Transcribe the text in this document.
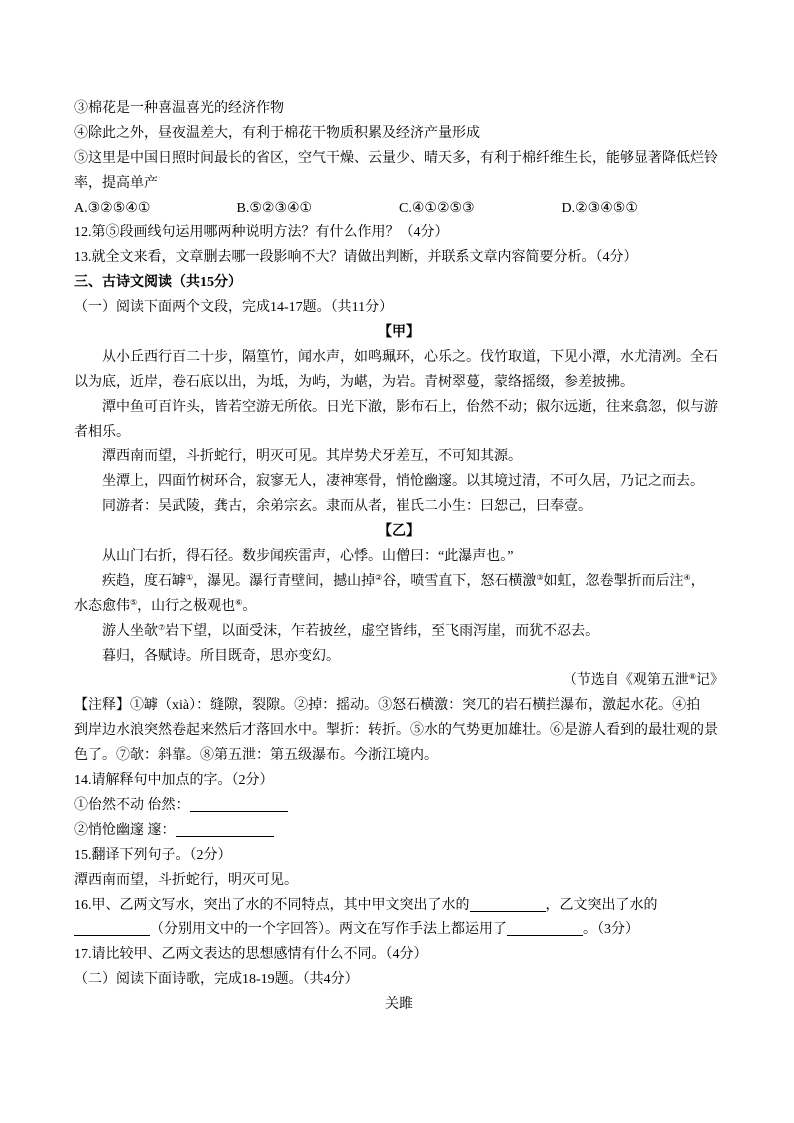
③棉花是一种喜温喜光的经济作物
④除此之外，昼夜温差大，有利于棉花干物质积累及经济产量形成
⑤这里是中国日照时间最长的省区，空气干燥、云量少、晴天多，有利于棉纤维生长，能够显著降低烂铃
率，提高单产
A.③②⑤④①	B.⑤②③④①	C.④①②⑤③	D.②③④⑤①
12.第⑤段画线句运用哪两种说明方法？有什么作用？（4分）
13.就全文来看，文章删去哪一段影响不大？请做出判断，并联系文章内容简要分析。（4分）
三、古诗文阅读（共15分）
（一）阅读下面两个文段，完成14-17题。（共11分）
【甲】
从小丘西行百二十步，隔篁竹，闻水声，如鸣珮环，心乐之。伐竹取道，下见小潭，水尤清冽。全石
以为底，近岸，卷石底以出，为坻，为屿，为嵁，为岩。青树翠蔓，蒙络摇缀，参差披拂。
潭中鱼可百许头，皆若空游无所依。日光下澈，影布石上，佁然不动；俶尔远逝，往来翕忽，似与游
者相乐。
潭西南而望，斗折蛇行，明灭可见。其岸势犬牙差互，不可知其源。
坐潭上，四面竹树环合，寂寥无人，凄神寒骨，悄怆幽邃。以其境过清，不可久居，乃记之而去。
同游者：吴武陵，龚古，余弟宗玄。隶而从者，崔氏二小生：曰恕己，曰奉壹。
【乙】
从山门右折，得石径。数步闻疾雷声，心悸。山僧曰：“此瀑声也。”
疾趋，度石罅①，瀑见。瀑行青壁间，撼山掉②谷，喷雪直下，怒石横激③如虹，忽卷掣折而后注④，
水态愈伟⑤，山行之极观也⑥。
游人坐欹⑦岩下望，以面受沫，乍若披丝，虚空皆纬，至飞雨泻崖，而犹不忍去。
暮归，各赋诗。所目既奇，思亦变幻。
（节选自《观第五泄⑧记》
【注释】①罅（xià）：缝隙，裂隙。②掉：摇动。③怒石横激：突兀的岩石横拦瀑布，激起水花。④拍
到岸边水浪突然卷起来然后才落回水中。掣折：转折。⑤水的气势更加雄壮。⑥是游人看到的最壮观的景
色了。⑦欹：斜靠。⑧第五泄：第五级瀑布。今浙江境内。
14.请解释句中加点的字。（2分）
①佁然不动 佁然：
②悄怆幽邃 邃：
15.翻译下列句子。（2分）
潭西南而望，斗折蛇行，明灭可见。
16.甲、乙两文写水，突出了水的不同特点，其中甲文突出了水的	，乙文突出了水的
（分别用文中的一个字回答）。两文在写作手法上都运用了	。（3分）
17.请比较甲、乙两文表达的思想感情有什么不同。（4分）
（二）阅读下面诗歌，完成18-19题。（共4分）
关雎
